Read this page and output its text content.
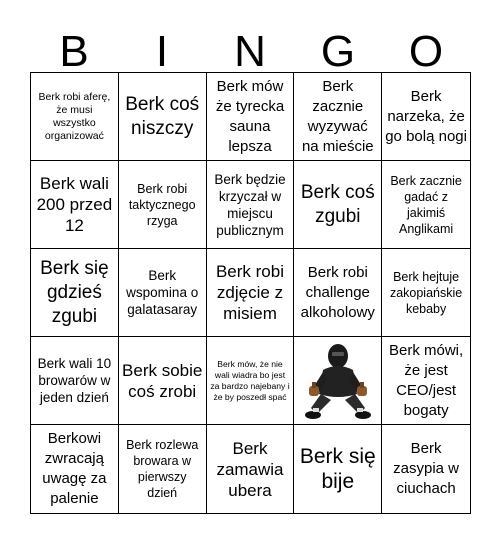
B	I	N	G	O
Berk robi aferę, że musi wszystko organizować
Berk coś niszczy
Berk mów że tyrecka sauna lepsza
Berk zacznie wyzywać na mieście
Berk narzeka, że go bolą nogi
Berk wali 200 przed 12
Berk robi taktycznego rzyga
Berk będzie krzyczał w miejscu publicznym
Berk coś zgubi
Berk zacznie gadać z jakimiś Anglikami
Berk się gdzieś zgubi
Berk wspomina o galatasaray
Berk robi zdjęcie z misiem
Berk robi challenge alkoholowy
Berk hejtuje zakopiańskie kebaby
Berk wali 10 browarów w jeden dzień
Berk sobie coś zrobi
Berk mów, że nie wali wiadra bo jest za bardzo najebany i że by poszedł spać
Berk mówi, że jest CEO/jest bogaty
Berkowi zwracają uwagę za palenie
Berk rozlewa browara w pierwszy dzień
Berk zamawia ubera
Berk się bije
Berk zasypia w ciuchach
